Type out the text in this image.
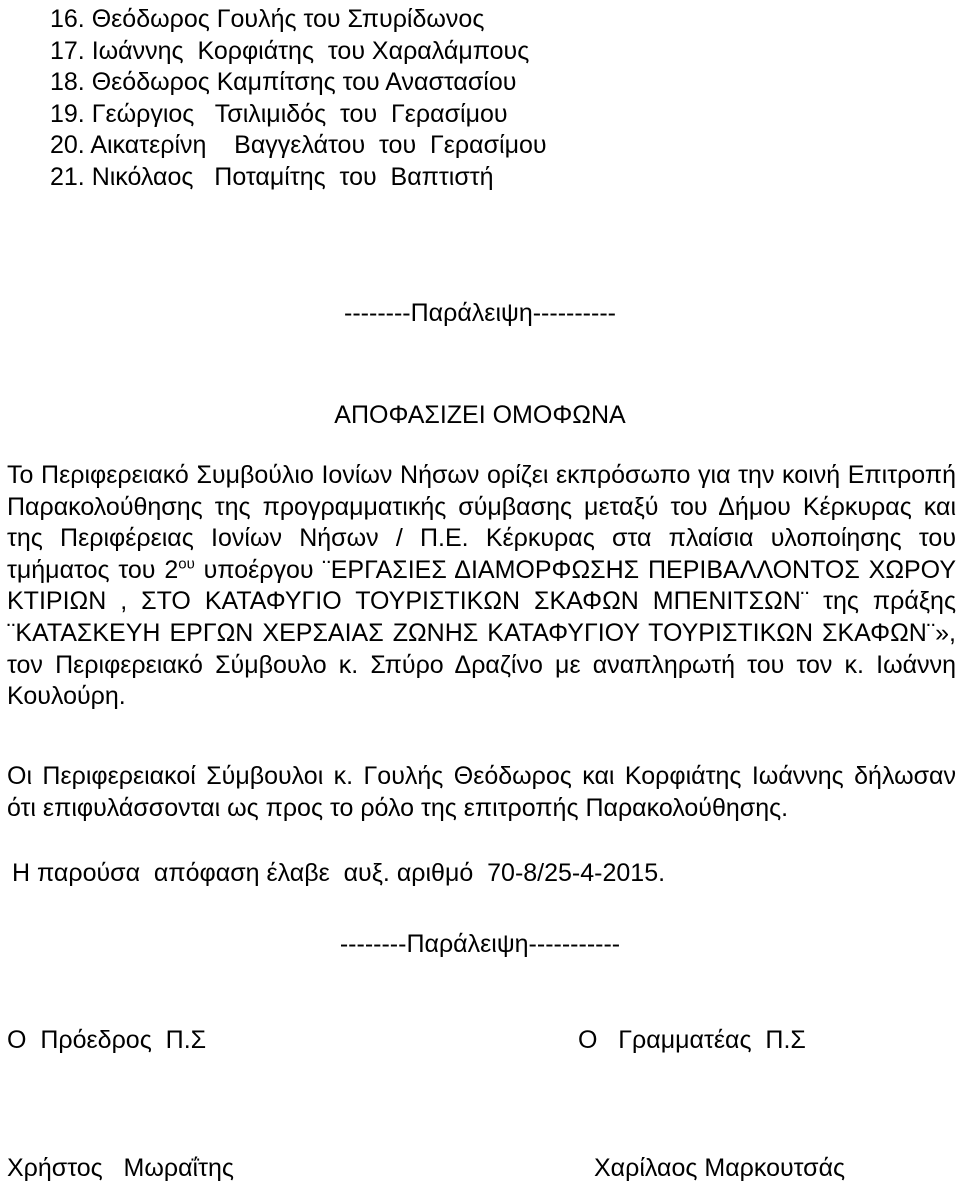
16. Θεόδωρος Γουλής του Σπυρίδωνος
17. Ιωάννης  Κορφιάτης  του Χαραλάμπους
18. Θεόδωρος Καμπίτσης του Αναστασίου
19. Γεώργιος   Τσιλιμιδός  του  Γερασίμου
20. Αικατερίνη    Βαγγελάτου  του  Γερασίμου
21. Νικόλαος   Ποταμίτης  του  Βαπτιστή
--------Παράλειψη----------
ΑΠΟΦΑΣΙΖΕΙ ΟΜΟΦΩΝΑ
Το Περιφερειακό Συμβούλιο Ιονίων Νήσων ορίζει εκπρόσωπο για την κοινή Επιτροπή Παρακολούθησης της προγραμματικής σύμβασης μεταξύ του Δήμου Κέρκυρας και της Περιφέρειας Ιονίων Νήσων / Π.Ε. Κέρκυρας στα πλαίσια υλοποίησης του τμήματος του $2^{o\upsilon}$ υποέργου ¨ΕΡΓΑΣΙΕΣ ΔΙΑΜΟΡΦΩΣΗΣ ΠΕΡΙΒΑΛΛΟΝΤΟΣ ΧΩΡΟΥ ΚΤΙΡΙΩΝ , ΣΤΟ ΚΑΤΑΦΥΓΙΟ ΤΟΥΡΙΣΤΙΚΩΝ ΣΚΑΦΩΝ ΜΠΕΝΙΤΣΩΝ¨ της πράξης ¨ΚΑΤΑΣΚΕΥΗ ΕΡΓΩΝ ΧΕΡΣΑΙΑΣ ΖΩΝΗΣ ΚΑΤΑΦΥΓΙΟΥ ΤΟΥΡΙΣΤΙΚΩΝ ΣΚΑΦΩΝ¨», τον Περιφερειακό Σύμβουλο κ. Σπύρο Δραζίνο με αναπληρωτή του τον κ. Ιωάννη Κουλούρη.
Οι Περιφερειακοί Σύμβουλοι κ. Γουλής Θεόδωρος και Κορφιάτης Ιωάννης δήλωσαν ότι επιφυλάσσονται ως προς το ρόλο της επιτροπής Παρακολούθησης.
Η παρούσα  απόφαση έλαβε  αυξ. αριθμό  70-8/25-4-2015.
--------Παράλειψη-----------
Ο  Πρόεδρος  Π.Σ	Ο   Γραμματέας  Π.Σ
Χρήστος   Μωραΐτης	Χαρίλαος Μαρκουτσάς
